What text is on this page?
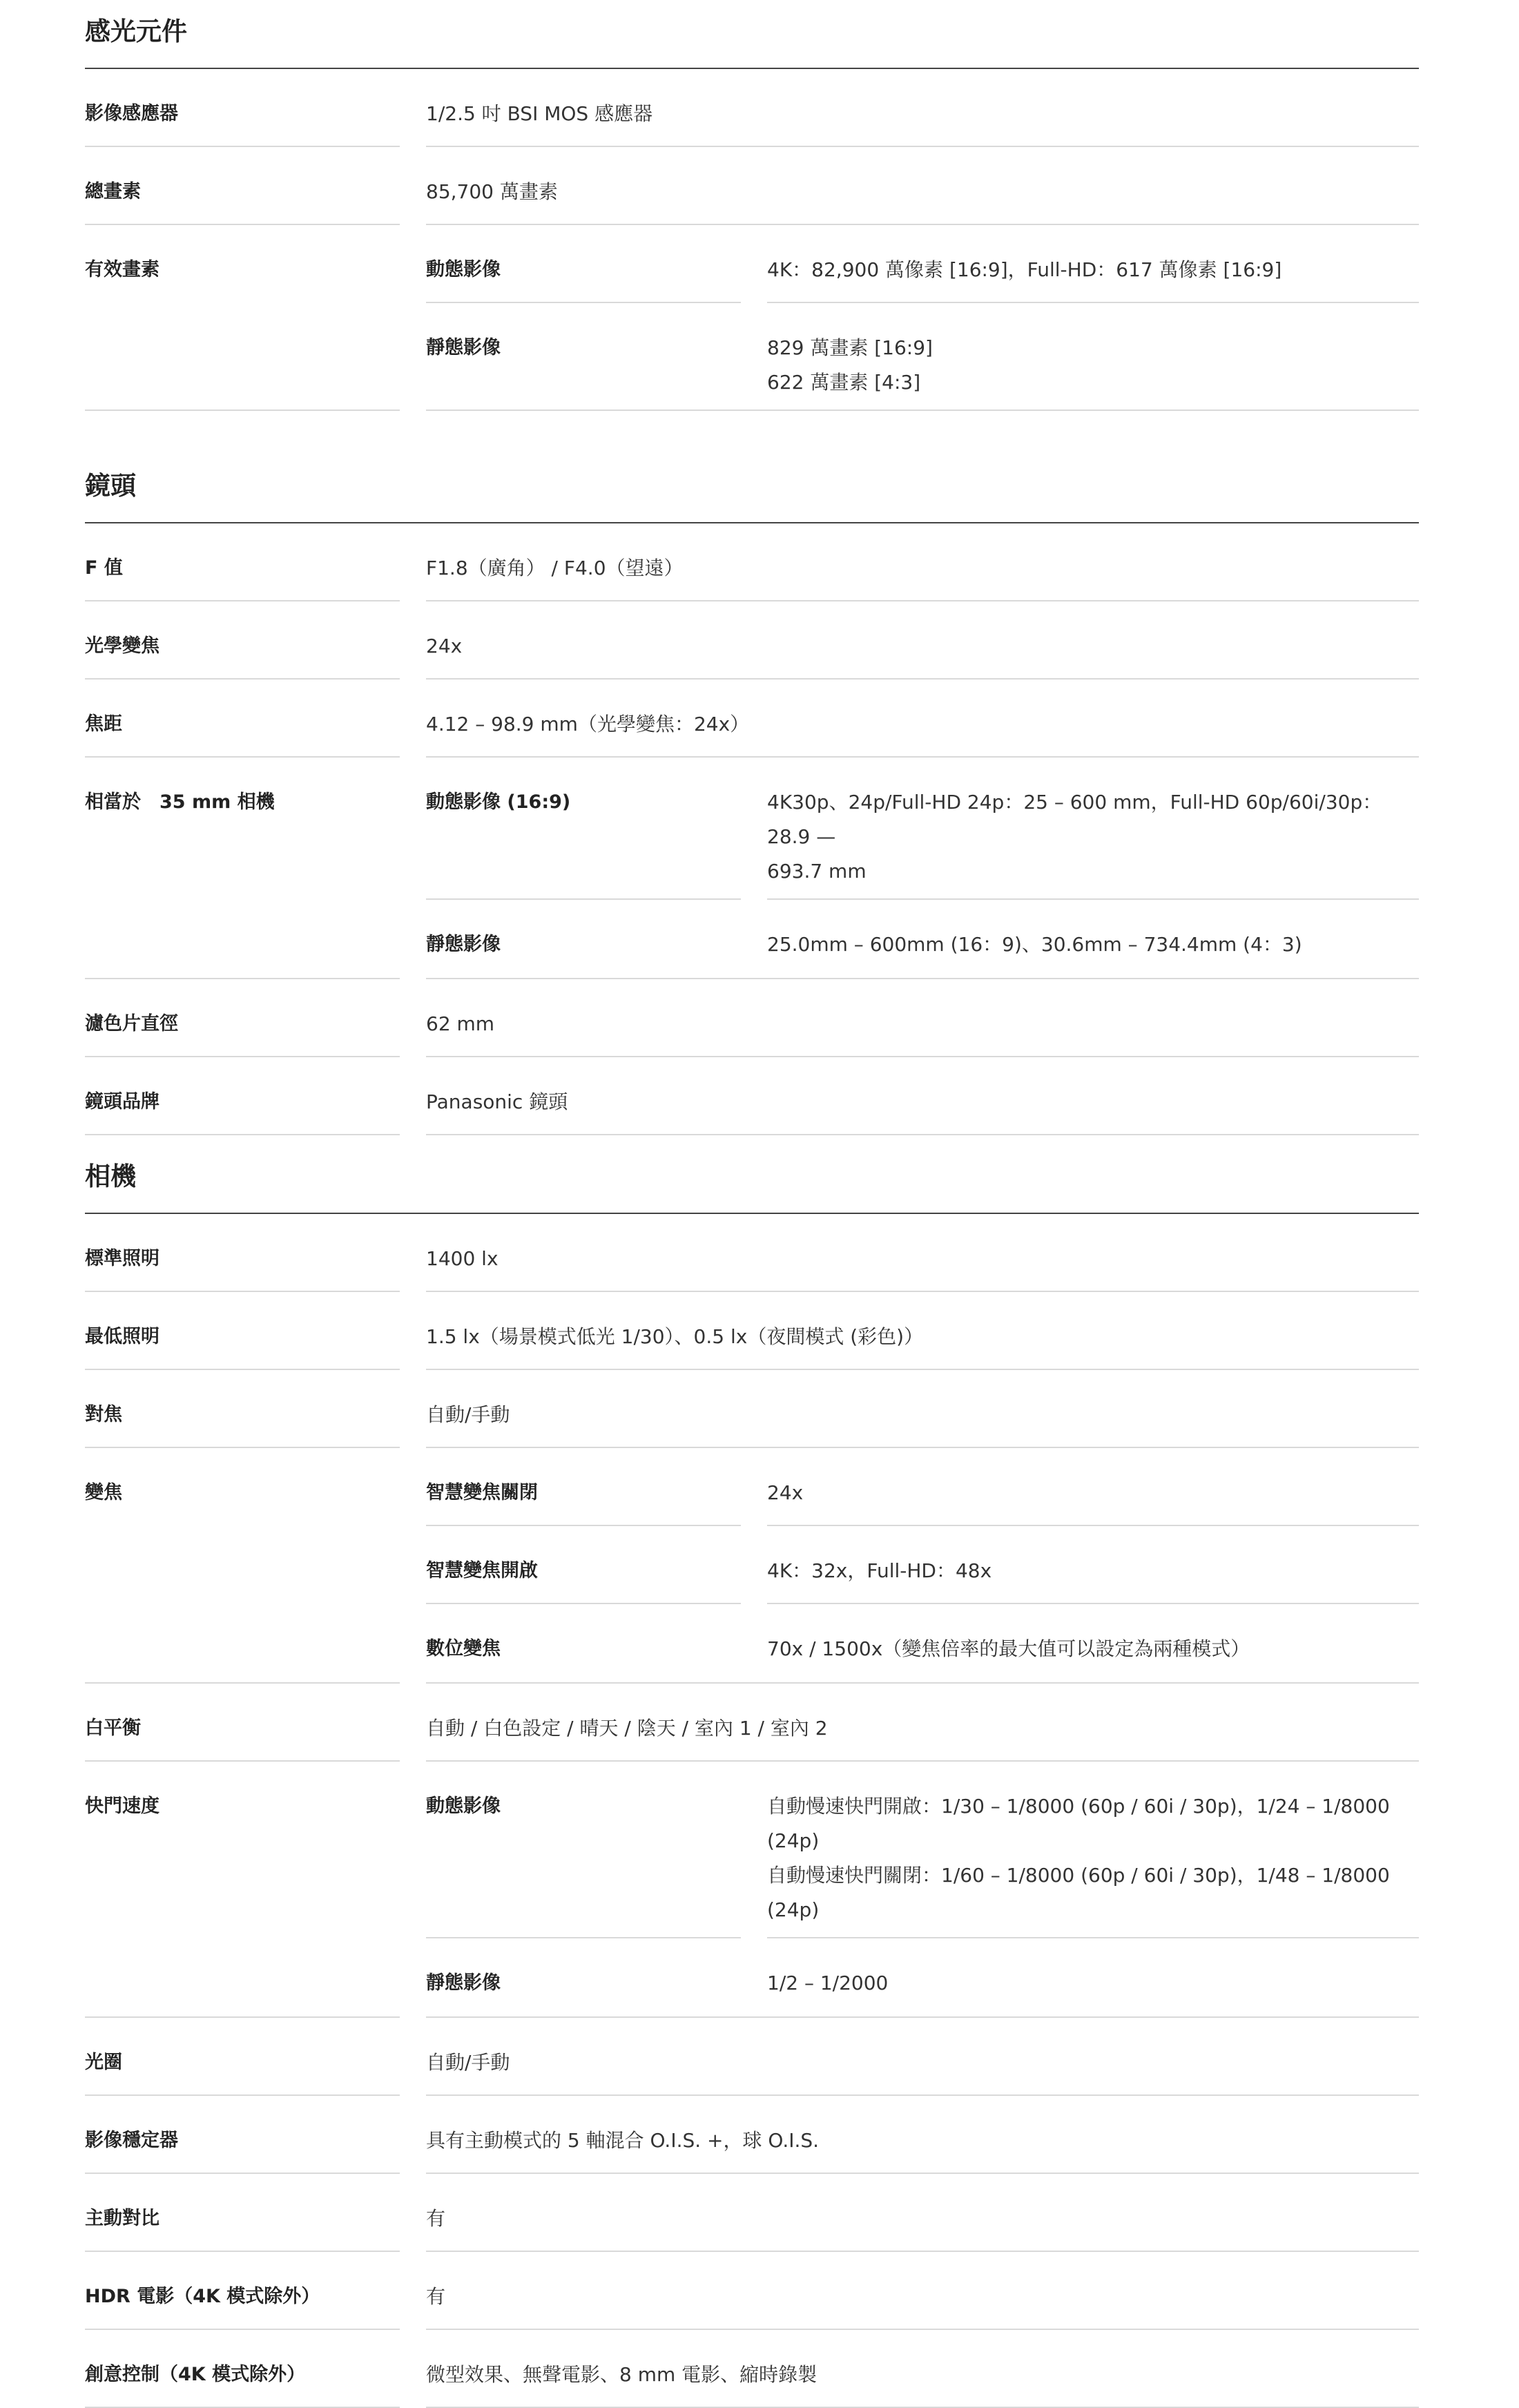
感光元件
影像感應器	1/2.5 吋 BSI MOS 感應器
總畫素	85,700 萬畫素
有效畫素	動態影像	4K：82,900 萬像素 [16:9]，Full-HD：617 萬像素 [16:9]
靜態影像	829 萬畫素 [16:9]
622 萬畫素 [4:3]
鏡頭
F 值	F1.8（廣角） / F4.0（望遠）
光學變焦	24x
焦距	4.12 – 98.9 mm（光學變焦：24x）
相當於　35 mm 相機	動態影像 (16:9)	4K30p、24p/Full-HD 24p：25 – 600 mm，Full-HD 60p/60i/30p：28.9 —
693.7 mm
靜態影像	25.0mm – 600mm (16：9)、30.6mm – 734.4mm (4：3)
濾色片直徑	62 mm
鏡頭品牌	Panasonic 鏡頭
相機
標準照明	1400 lx
最低照明	1.5 lx（場景模式低光 1/30）、0.5 lx（夜間模式 (彩色)）
對焦	自動/手動
變焦	智慧變焦關閉	24x
智慧變焦開啟	4K：32x，Full-HD：48x
數位變焦	70x / 1500x（變焦倍率的最大值可以設定為兩種模式）
白平衡	自動 / 白色設定 / 晴天 / 陰天 / 室內 1 / 室內 2
快門速度	動態影像	自動慢速快門開啟：1/30 – 1/8000 (60p / 60i / 30p)，1/24 – 1/8000 (24p)
自動慢速快門關閉：1/60 – 1/8000 (60p / 60i / 30p)，1/48 – 1/8000 (24p)
靜態影像	1/2 – 1/2000
光圈	自動/手動
影像穩定器	具有主動模式的 5 軸混合 O.I.S. +，球 O.I.S.
主動對比	有
HDR 電影（4K 模式除外）	有
創意控制（4K 模式除外）	微型效果、無聲電影、8 mm 電影、縮時錄製
